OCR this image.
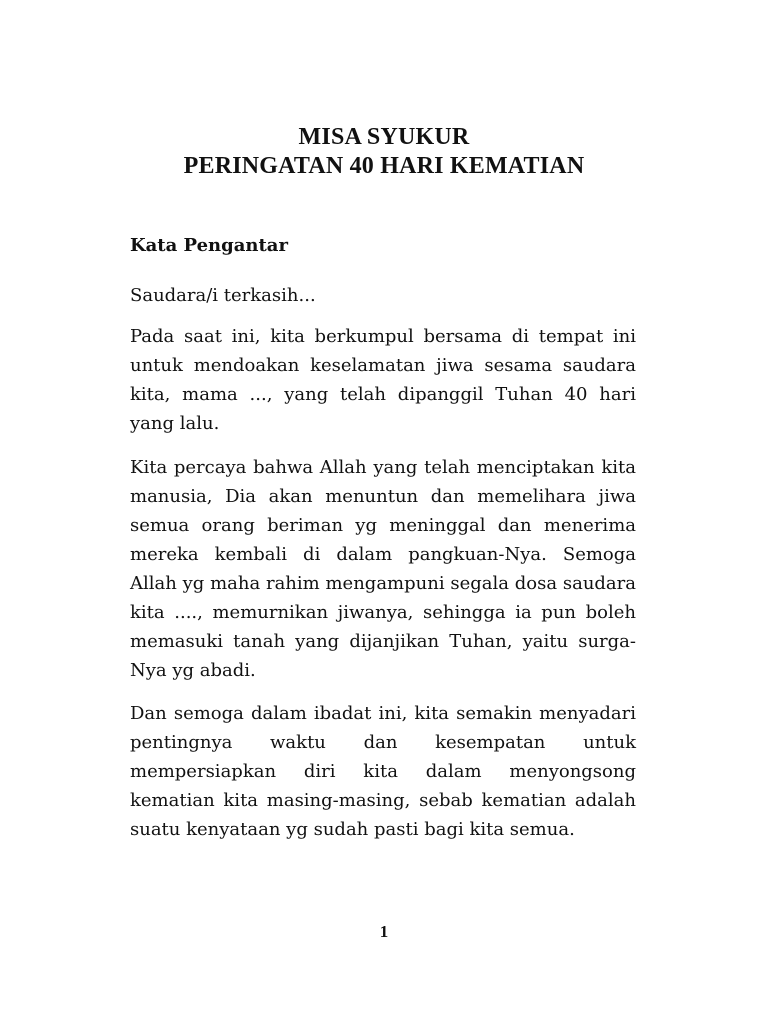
MISA SYUKUR
PERINGATAN 40 HARI KEMATIAN
Kata Pengantar

Saudara/i terkasih...

Pada saat ini, kita berkumpul bersama di tempat ini untuk mendoakan keselamatan jiwa sesama saudara kita, mama ..., yang telah dipanggil Tuhan 40 hari yang lalu.

Kita percaya bahwa Allah yang telah menciptakan kita manusia, Dia akan menuntun dan memelihara jiwa semua orang beriman yg meninggal dan menerima mereka kembali di dalam pangkuan-Nya. Semoga Allah yg maha rahim mengampuni segala dosa saudara kita ...., memurnikan jiwanya, sehingga ia pun boleh memasuki tanah yang dijanjikan Tuhan, yaitu surga-Nya yg abadi.

Dan semoga dalam ibadat ini, kita semakin menyadari pentingnya waktu dan kesempatan untuk mempersiapkan diri kita dalam menyongsong kematian kita masing-masing, sebab kematian adalah suatu kenyataan yg sudah pasti bagi kita semua.

1
